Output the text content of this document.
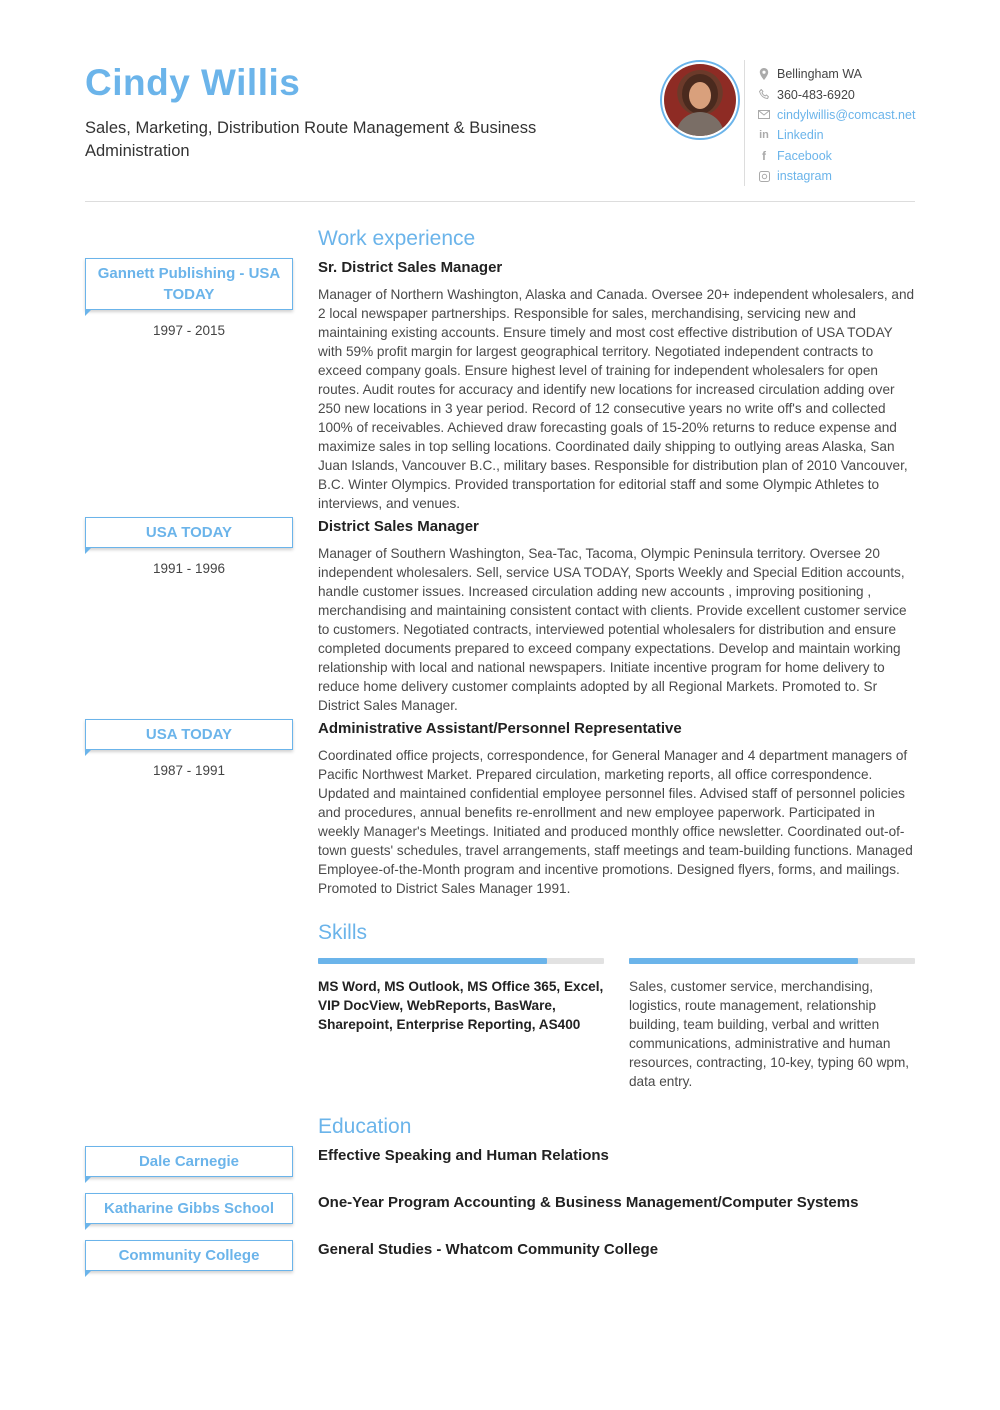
Cindy Willis
Sales, Marketing, Distribution Route Management & Business Administration
Bellingham WA
360-483-6920
cindylwillis@comcast.net
in Linkedin
f Facebook
instagram
Work experience
Gannett Publishing - USA TODAY
1997 - 2015
Sr. District Sales Manager
Manager of Northern Washington, Alaska and Canada. Oversee 20+ independent wholesalers, and 2 local newspaper partnerships. Responsible for sales, merchandising, servicing new and maintaining existing accounts. Ensure timely and most cost effective distribution of USA TODAY with 59% profit margin for largest geographical territory. Negotiated independent contracts to exceed company goals. Ensure highest level of training for independent wholesalers for open routes. Audit routes for accuracy and identify new locations for increased circulation adding over 250 new locations in 3 year period. Record of 12 consecutive years no write off's and collected 100% of receivables. Achieved draw forecasting goals of 15-20% returns to reduce expense and maximize sales in top selling locations. Coordinated daily shipping to outlying areas Alaska, San Juan Islands, Vancouver B.C., military bases. Responsible for distribution plan of 2010 Vancouver, B.C. Winter Olympics. Provided transportation for editorial staff and some Olympic Athletes to interviews, and venues.
USA TODAY
1991 - 1996
District Sales Manager
Manager of Southern Washington, Sea-Tac, Tacoma, Olympic Peninsula territory. Oversee 20 independent wholesalers. Sell, service USA TODAY, Sports Weekly and Special Edition accounts, handle customer issues. Increased circulation adding new accounts , improving positioning , merchandising and maintaining consistent contact with clients. Provide excellent customer service to customers. Negotiated contracts, interviewed potential wholesalers for distribution and ensure completed documents prepared to exceed company expectations. Develop and maintain working relationship with local and national newspapers. Initiate incentive program for home delivery to reduce home delivery customer complaints adopted by all Regional Markets. Promoted to. Sr District Sales Manager.
USA TODAY
1987 - 1991
Administrative Assistant/Personnel Representative
Coordinated office projects, correspondence, for General Manager and 4 department managers of Pacific Northwest Market. Prepared circulation, marketing reports, all office correspondence. Updated and maintained confidential employee personnel files. Advised staff of personnel policies and procedures, annual benefits re-enrollment and new employee paperwork. Participated in weekly Manager's Meetings. Initiated and produced monthly office newsletter. Coordinated out-of-town guests' schedules, travel arrangements, staff meetings and team-building functions. Managed Employee-of-the-Month program and incentive promotions. Designed flyers, forms, and mailings. Promoted to District Sales Manager 1991.
Skills
MS Word, MS Outlook, MS Office 365, Excel, VIP DocView, WebReports, BasWare, Sharepoint, Enterprise Reporting, AS400
Sales, customer service, merchandising, logistics, route management, relationship building, team building, verbal and written communications, administrative and human resources, contracting, 10-key, typing 60 wpm, data entry.
Education
Dale Carnegie	Effective Speaking and Human Relations
Katharine Gibbs School	One-Year Program Accounting & Business Management/Computer Systems
Community College	General Studies - Whatcom Community College
